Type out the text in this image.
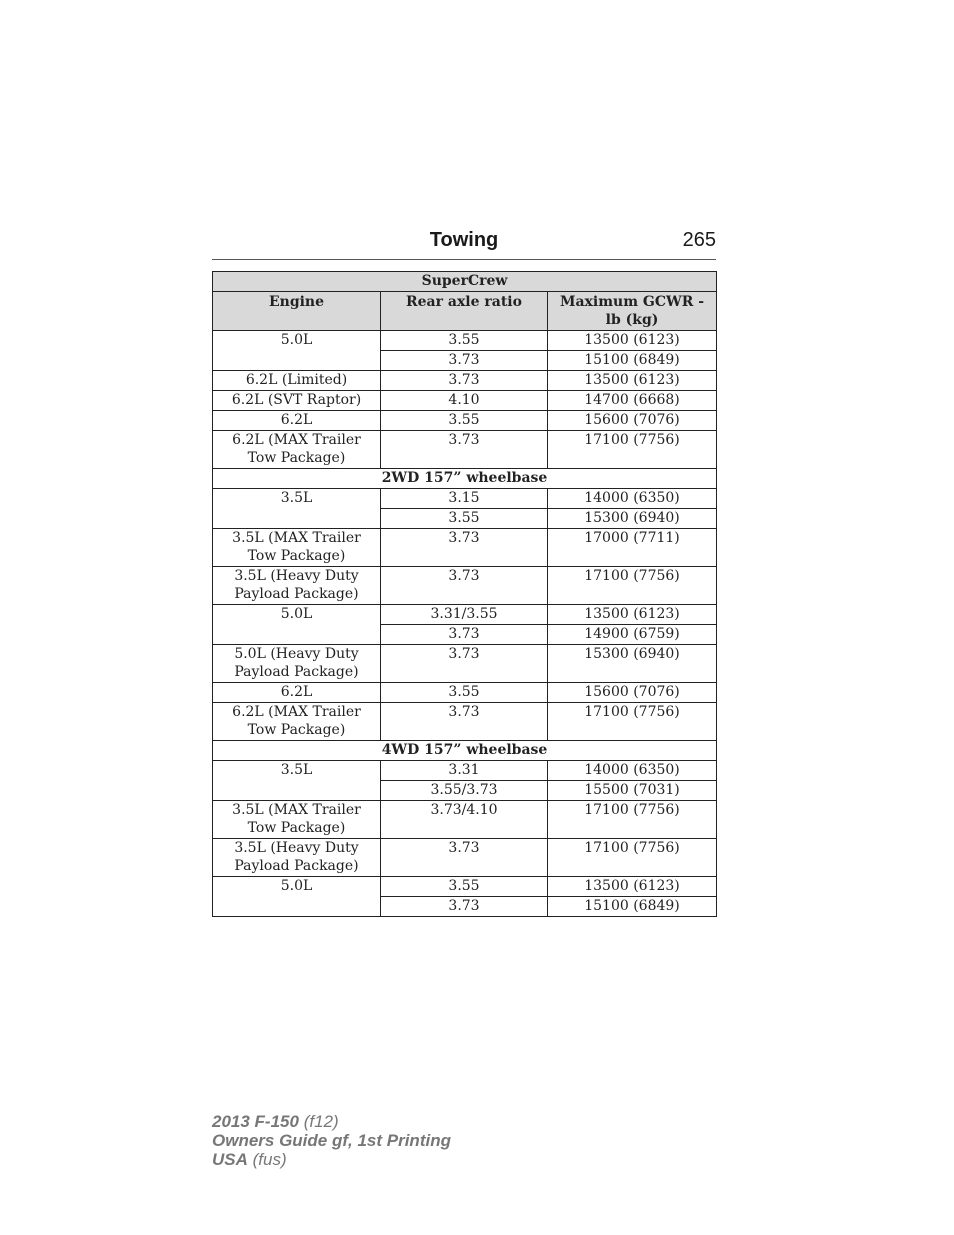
Towing	265
SuperCrew		
Engine	Rear axle ratio	Maximum GCWR - lb (kg)
5.0L	3.55	13500 (6123)
	3.73	15100 (6849)
6.2L (Limited)	3.73	13500 (6123)
6.2L (SVT Raptor)	4.10	14700 (6668)
6.2L	3.55	15600 (7076)
6.2L (MAX Trailer Tow Package)	3.73	17100 (7756)
2WD 157” wheelbase		
3.5L	3.15	14000 (6350)
	3.55	15300 (6940)
3.5L (MAX Trailer Tow Package)	3.73	17000 (7711)
3.5L (Heavy Duty Payload Package)	3.73	17100 (7756)
5.0L	3.31/3.55	13500 (6123)
	3.73	14900 (6759)
5.0L (Heavy Duty Payload Package)	3.73	15300 (6940)
6.2L	3.55	15600 (7076)
6.2L (MAX Trailer Tow Package)	3.73	17100 (7756)
4WD 157” wheelbase		
3.5L	3.31	14000 (6350)
	3.55/3.73	15500 (7031)
3.5L (MAX Trailer Tow Package)	3.73/4.10	17100 (7756)
3.5L (Heavy Duty Payload Package)	3.73	17100 (7756)
5.0L	3.55	13500 (6123)
	3.73	15100 (6849)
2013 F-150 (f12)
Owners Guide gf, 1st Printing
USA (fus)
